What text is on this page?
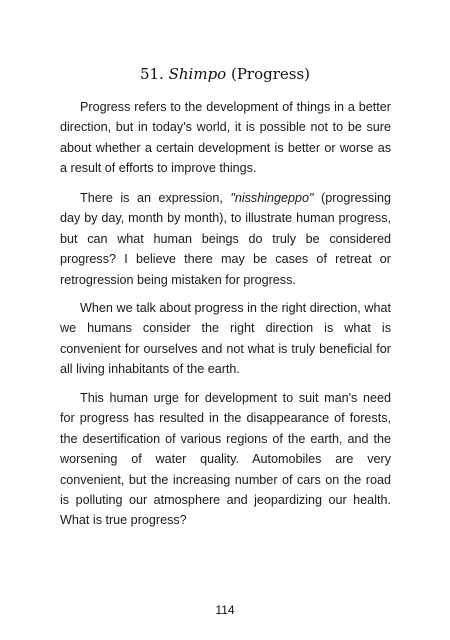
51. Shimpo (Progress)

Progress refers to the development of things in a better direction, but in today's world, it is possible not to be sure about whether a certain development is better or worse as a result of efforts to improve things.

There is an expression, "nisshingeppo" (progressing day by day, month by month), to illustrate human progress, but can what human beings do truly be considered progress? I believe there may be cases of retreat or retrogression being mistaken for progress.

When we talk about progress in the right direction, what we humans consider the right direction is what is convenient for ourselves and not what is truly beneficial for all living inhabitants of the earth.

This human urge for development to suit man's need for progress has resulted in the disappearance of forests, the desertification of various regions of the earth, and the worsening of water quality. Automobiles are very convenient, but the increasing number of cars on the road is polluting our atmosphere and jeopardizing our health. What is true progress?

114
